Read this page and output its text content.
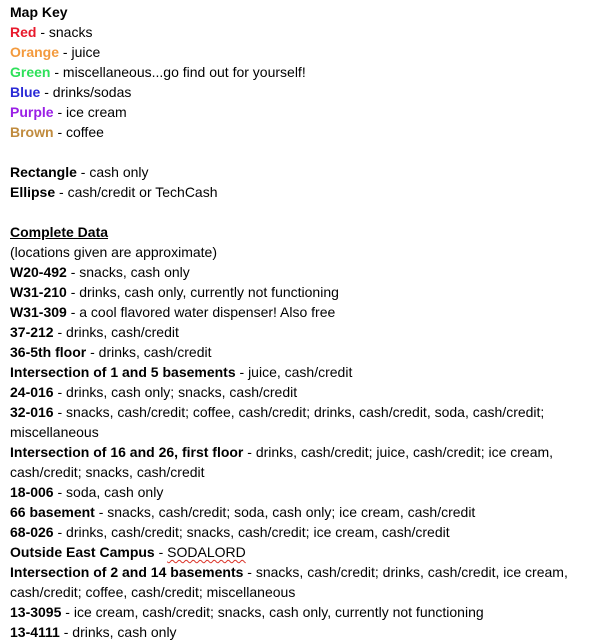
Map Key
Red - snacks
Orange - juice
Green - miscellaneous...go find out for yourself!
Blue - drinks/sodas
Purple - ice cream
Brown - coffee
Rectangle - cash only
Ellipse - cash/credit or TechCash
Complete Data
(locations given are approximate)
W20-492 - snacks, cash only
W31-210 - drinks, cash only, currently not functioning
W31-309 - a cool flavored water dispenser! Also free
37-212 - drinks, cash/credit
36-5th floor - drinks, cash/credit
Intersection of 1 and 5 basements - juice, cash/credit
24-016 - drinks, cash only; snacks, cash/credit
32-016 - snacks, cash/credit; coffee, cash/credit; drinks, cash/credit, soda, cash/credit; miscellaneous
Intersection of 16 and 26, first floor - drinks, cash/credit; juice, cash/credit; ice cream, cash/credit; snacks, cash/credit
18-006 - soda, cash only
66 basement - snacks, cash/credit; soda, cash only; ice cream, cash/credit
68-026 - drinks, cash/credit; snacks, cash/credit; ice cream, cash/credit
Outside East Campus - SODALORD
Intersection of 2 and 14 basements - snacks, cash/credit; drinks, cash/credit, ice cream, cash/credit; coffee, cash/credit; miscellaneous
13-3095 - ice cream, cash/credit; snacks, cash only, currently not functioning
13-4111 - drinks, cash only
